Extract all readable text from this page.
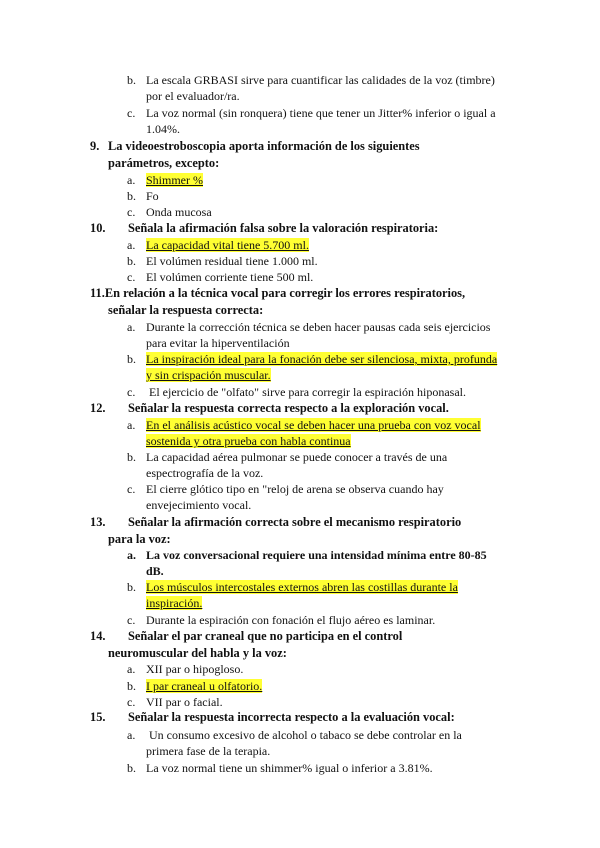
b. La escala GRBASI sirve para cuantificar las calidades de la voz (timbre)
por el evaluador/ra.
c. La voz normal (sin ronquera) tiene que tener un Jitter% inferior o igual a
1.04%.
9. La videoestroboscopia aporta información de los siguientes
parámetros, excepto:
a. Shimmer %
b. Fo
c. Onda mucosa
10. Señala la afirmación falsa sobre la valoración respiratoria:
a. La capacidad vital tiene 5.700 ml.
b. El volúmen residual tiene 1.000 ml.
c. El volúmen corriente tiene 500 ml.
11.En relación a la técnica vocal para corregir los errores respiratorios,
señalar la respuesta correcta:
a. Durante la corrección técnica se deben hacer pausas cada seis ejercicios
para evitar la hiperventilación
b. La inspiración ideal para la fonación debe ser silenciosa, mixta, profunda
y sin crispación muscular.
c. El ejercicio de "olfato" sirve para corregir la espiración hiponasal.
12. Señalar la respuesta correcta respecto a la exploración vocal.
a. En el análisis acústico vocal se deben hacer una prueba con voz vocal
sostenida y otra prueba con habla continua
b. La capacidad aérea pulmonar se puede conocer a través de una
espectrografía de la voz.
c. El cierre glótico tipo en "reloj de arena se observa cuando hay
envejecimiento vocal.
13. Señalar la afirmación correcta sobre el mecanismo respiratorio
para la voz:
a. La voz conversacional requiere una intensidad mínima entre 80-85
dB.
b. Los músculos intercostales externos abren las costillas durante la
inspiración.
c. Durante la espiración con fonación el flujo aéreo es laminar.
14. Señalar el par craneal que no participa en el control
neuromuscular del habla y la voz:
a. XII par o hipogloso.
b. I par craneal u olfatorio.
c. VII par o facial.
15. Señalar la respuesta incorrecta respecto a la evaluación vocal:
a. Un consumo excesivo de alcohol o tabaco se debe controlar en la
primera fase de la terapia.
b. La voz normal tiene un shimmer% igual o inferior a 3.81%.
